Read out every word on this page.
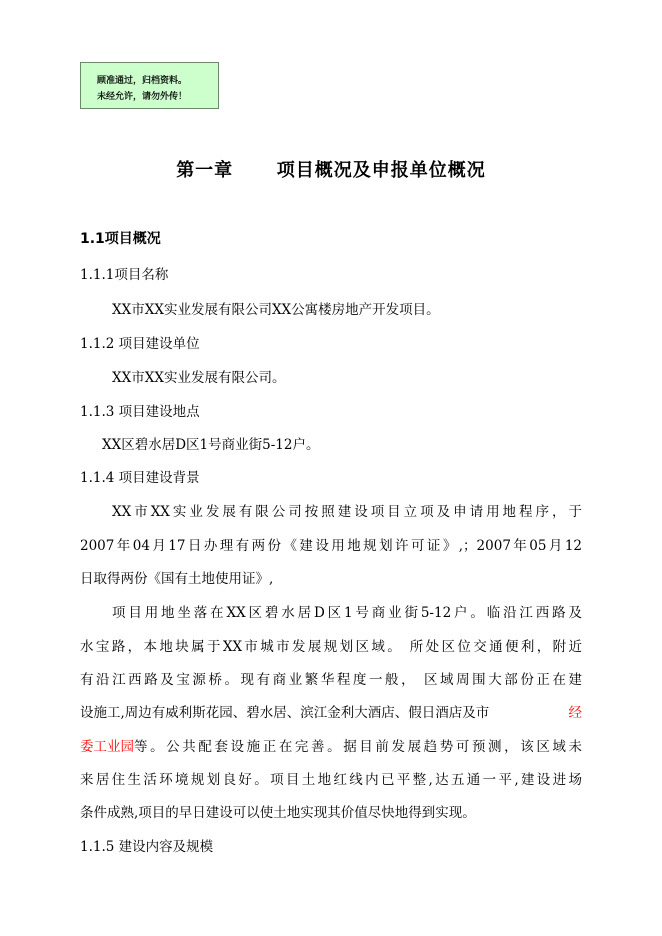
顾准通过，归档资料。
未经允许，请勿外传！
第一章      项目概况及申报单位概况
1.1项目概况
1.1.1项目名称
XX市XX实业发展有限公司XX公寓楼房地产开发项目。
1.1.2 项目建设单位
XX市XX实业发展有限公司。
1.1.3 项目建设地点
XX区碧水居D区1号商业街5-12户。
1.1.4 项目建设背景
XX市XX实业发展有限公司按照建设项目立项及申请用地程序，于
2007年04月17日办理有两份《建设用地规划许可证》,；2007年05月12
日取得两份《国有土地使用证》,
项目用地坐落在XX区碧水居D区1号商业街5-12户。临沿江西路及
水宝路，本地块属于XX市城市发展规划区域。 所处区位交通便利，附近
有沿江西路及宝源桥。现有商业繁华程度一般， 区域周围大部份正在建
设施工,周边有威利斯花园、碧水居、滨江金利大酒店、假日酒店及市	经
委工业园 等。公共配套设施正在完善。据目前发展趋势可预测，该区域未
来居住生活环境规划良好。项目土地红线内已平整,达五通一平,建设进场
条件成熟,项目的早日建设可以使土地实现其价值尽快地得到实现。
1.1.5 建设内容及规模
